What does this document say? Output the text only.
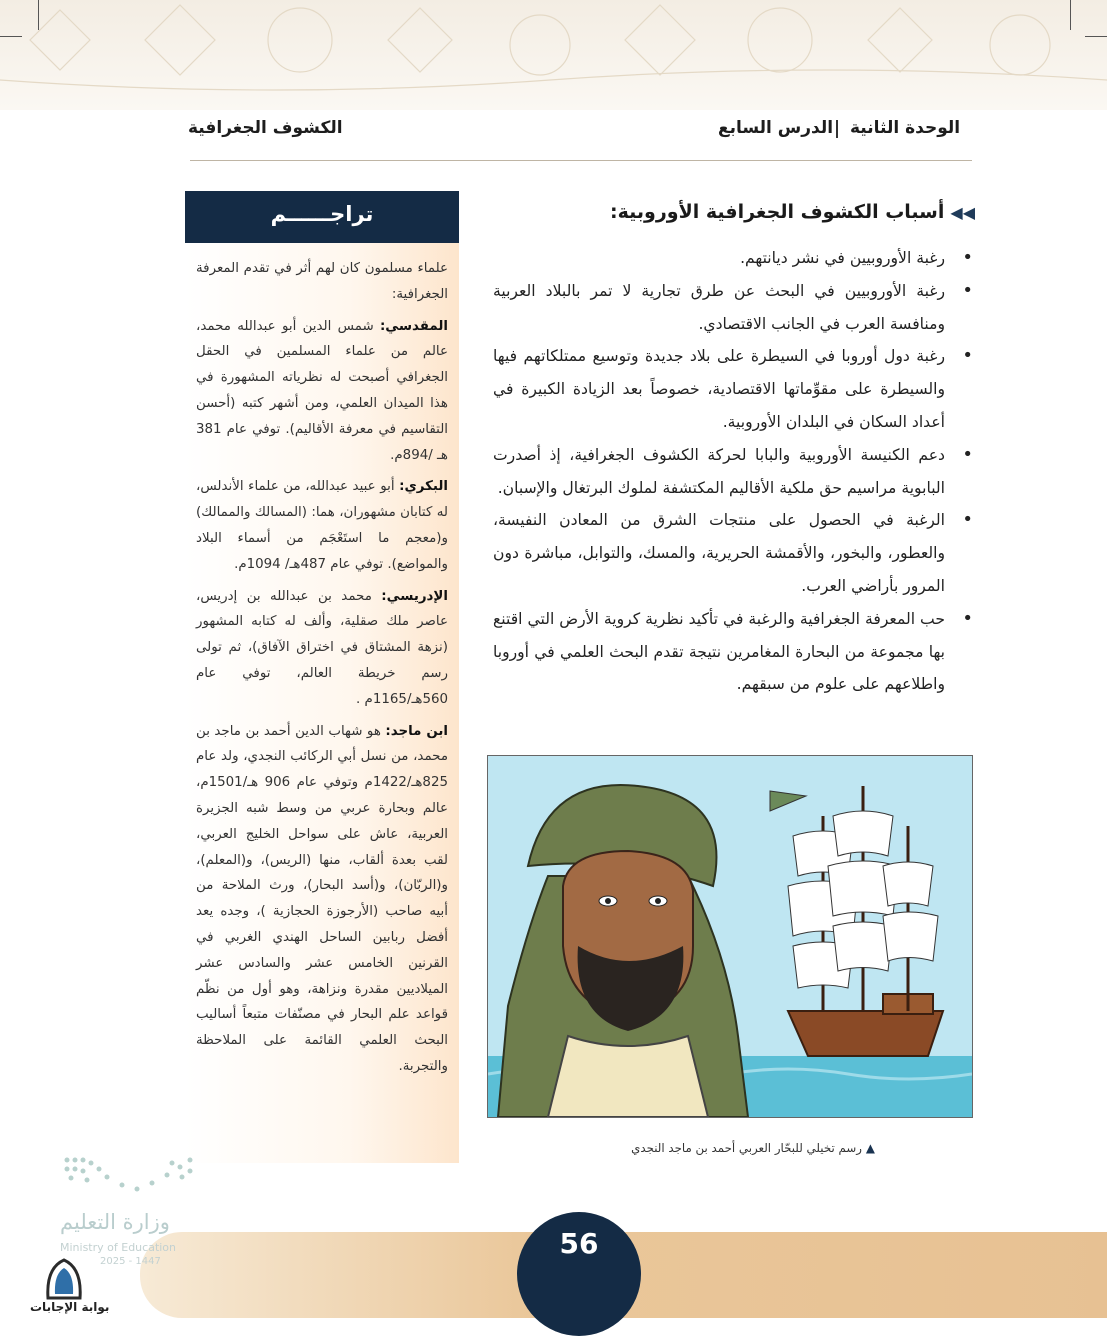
الوحدة الثانية
الدرس السابع
الكشوف الجغرافية
تراجــــــم

علماء مسلمون كان لهم أثر في تقدم المعرفة الجغرافية:

المقدسي: شمس الدين أبو عبدالله محمد، عالم من علماء المسلمين في الحقل الجغرافي أصبحت له نظرياته المشهورة في هذا الميدان العلمي، ومن أشهر كتبه (أحسن التقاسيم في معرفة الأقاليم). توفي عام 381 هـ /894م.

البكري: أبو عبيد عبدالله، من علماء الأندلس، له كتابان مشهوران، هما: (المسالك والممالك) و(معجم ما استَعْجَم من أسماء البلاد والمواضع). توفي عام 487هـ/ 1094م.

الإدريسي: محمد بن عبدالله بن إدريس، عاصر ملك صقلية، وألف له كتابه المشهور (نزهة المشتاق في اختراق الآفاق)، ثم تولى رسم خريطة العالم، توفي عام 560هـ/1165م .

ابن ماجد: هو شهاب الدين أحمد بن ماجد بن محمد، من نسل أبي الركائب النجدي، ولد عام 825هـ/1422م وتوفي عام 906 هـ/1501م، عالم وبحارة عربي من وسط شبه الجزيرة العربية، عاش على سواحل الخليج العربي، لقب بعدة ألقاب، منها (الريس)، و(المعلم)، و(الربّان)، و(أسد البحار)، ورث الملاحة من أبيه صاحب (الأرجوزة الحجازية )، وجده يعد أفضل ربابين الساحل الهندي الغربي في القرنين الخامس عشر والسادس عشر الميلاديين مقدرة ونزاهة، وهو أول من نظّم قواعد علم البحار في مصنّفات متبعاً أساليب البحث العلمي القائمة على الملاحظة والتجربة.

◀◀أسباب الكشوف الجغرافية الأوروبية:
• رغبة الأوروبيين في نشر ديانتهم.
• رغبة الأوروبيين في البحث عن طرق تجارية لا تمر بالبلاد العربية ومنافسة العرب في الجانب الاقتصادي.
• رغبة دول أوروبا في السيطرة على بلاد جديدة وتوسيع ممتلكاتهم فيها والسيطرة على مقوِّماتها الاقتصادية، خصوصاً بعد الزيادة الكبيرة في أعداد السكان في البلدان الأوروبية.
• دعم الكنيسة الأوروبية والبابا لحركة الكشوف الجغرافية، إذ أصدرت البابوية مراسيم حق ملكية الأقاليم المكتشفة لملوك البرتغال والإسبان.
• الرغبة في الحصول على منتجات الشرق من المعادن النفيسة، والعطور، والبخور، والأقمشة الحريرية، والمسك، والتوابل، مباشرة دون المرور بأراضي العرب.
• حب المعرفة الجغرافية والرغبة في تأكيد نظرية كروية الأرض التي اقتنع بها مجموعة من البحارة المغامرين نتيجة تقدم البحث العلمي في أوروبا واطلاعهم على علوم من سبقهم.
▲رسم تخيلي للبحّار العربي أحمد بن ماجد النجدي
56
وزارة التعليم
Ministry of Education
2025 - 1447
بوابة الإجابات
